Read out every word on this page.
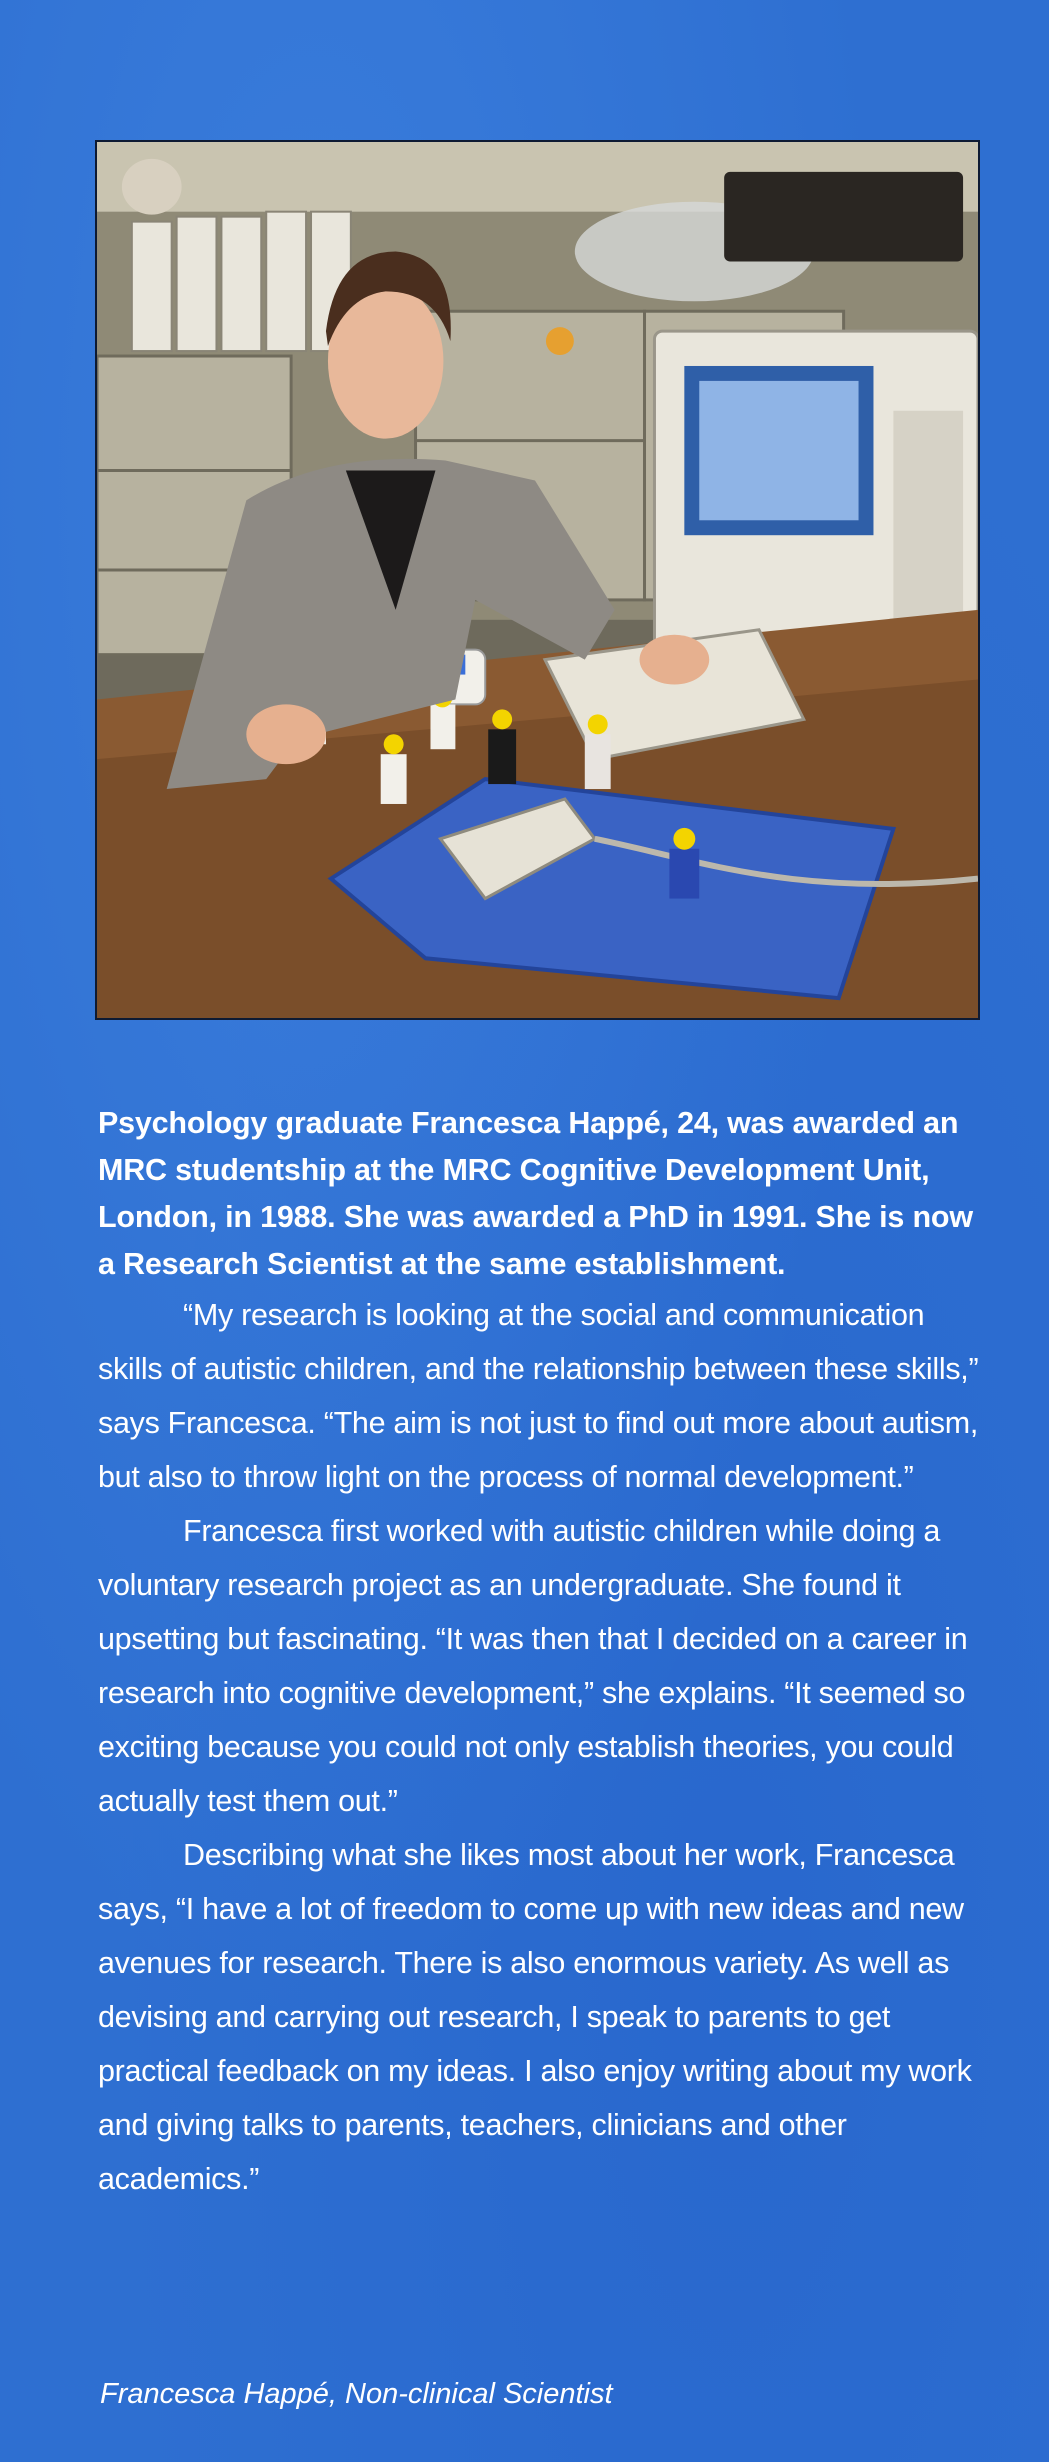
Psychology graduate Francesca Happé, 24, was awarded an MRC studentship at the MRC Cognitive Development Unit, London, in 1988. She was awarded a PhD in 1991. She is now a Research Scientist at the same establishment.

“My research is looking at the social and communication skills of autistic children, and the relationship between these skills,” says Francesca. “The aim is not just to find out more about autism, but also to throw light on the process of normal development.”

Francesca first worked with autistic children while doing a voluntary research project as an undergraduate. She found it upsetting but fascinating. “It was then that I decided on a career in research into cognitive development,” she explains. “It seemed so exciting because you could not only establish theories, you could actually test them out.”

Describing what she likes most about her work, Francesca says, “I have a lot of freedom to come up with new ideas and new avenues for research. There is also enormous variety. As well as devising and carrying out research, I speak to parents to get practical feedback on my ideas. I also enjoy writing about my work and giving talks to parents, teachers, clinicians and other academics.”

Francesca Happé, Non-clinical Scientist
